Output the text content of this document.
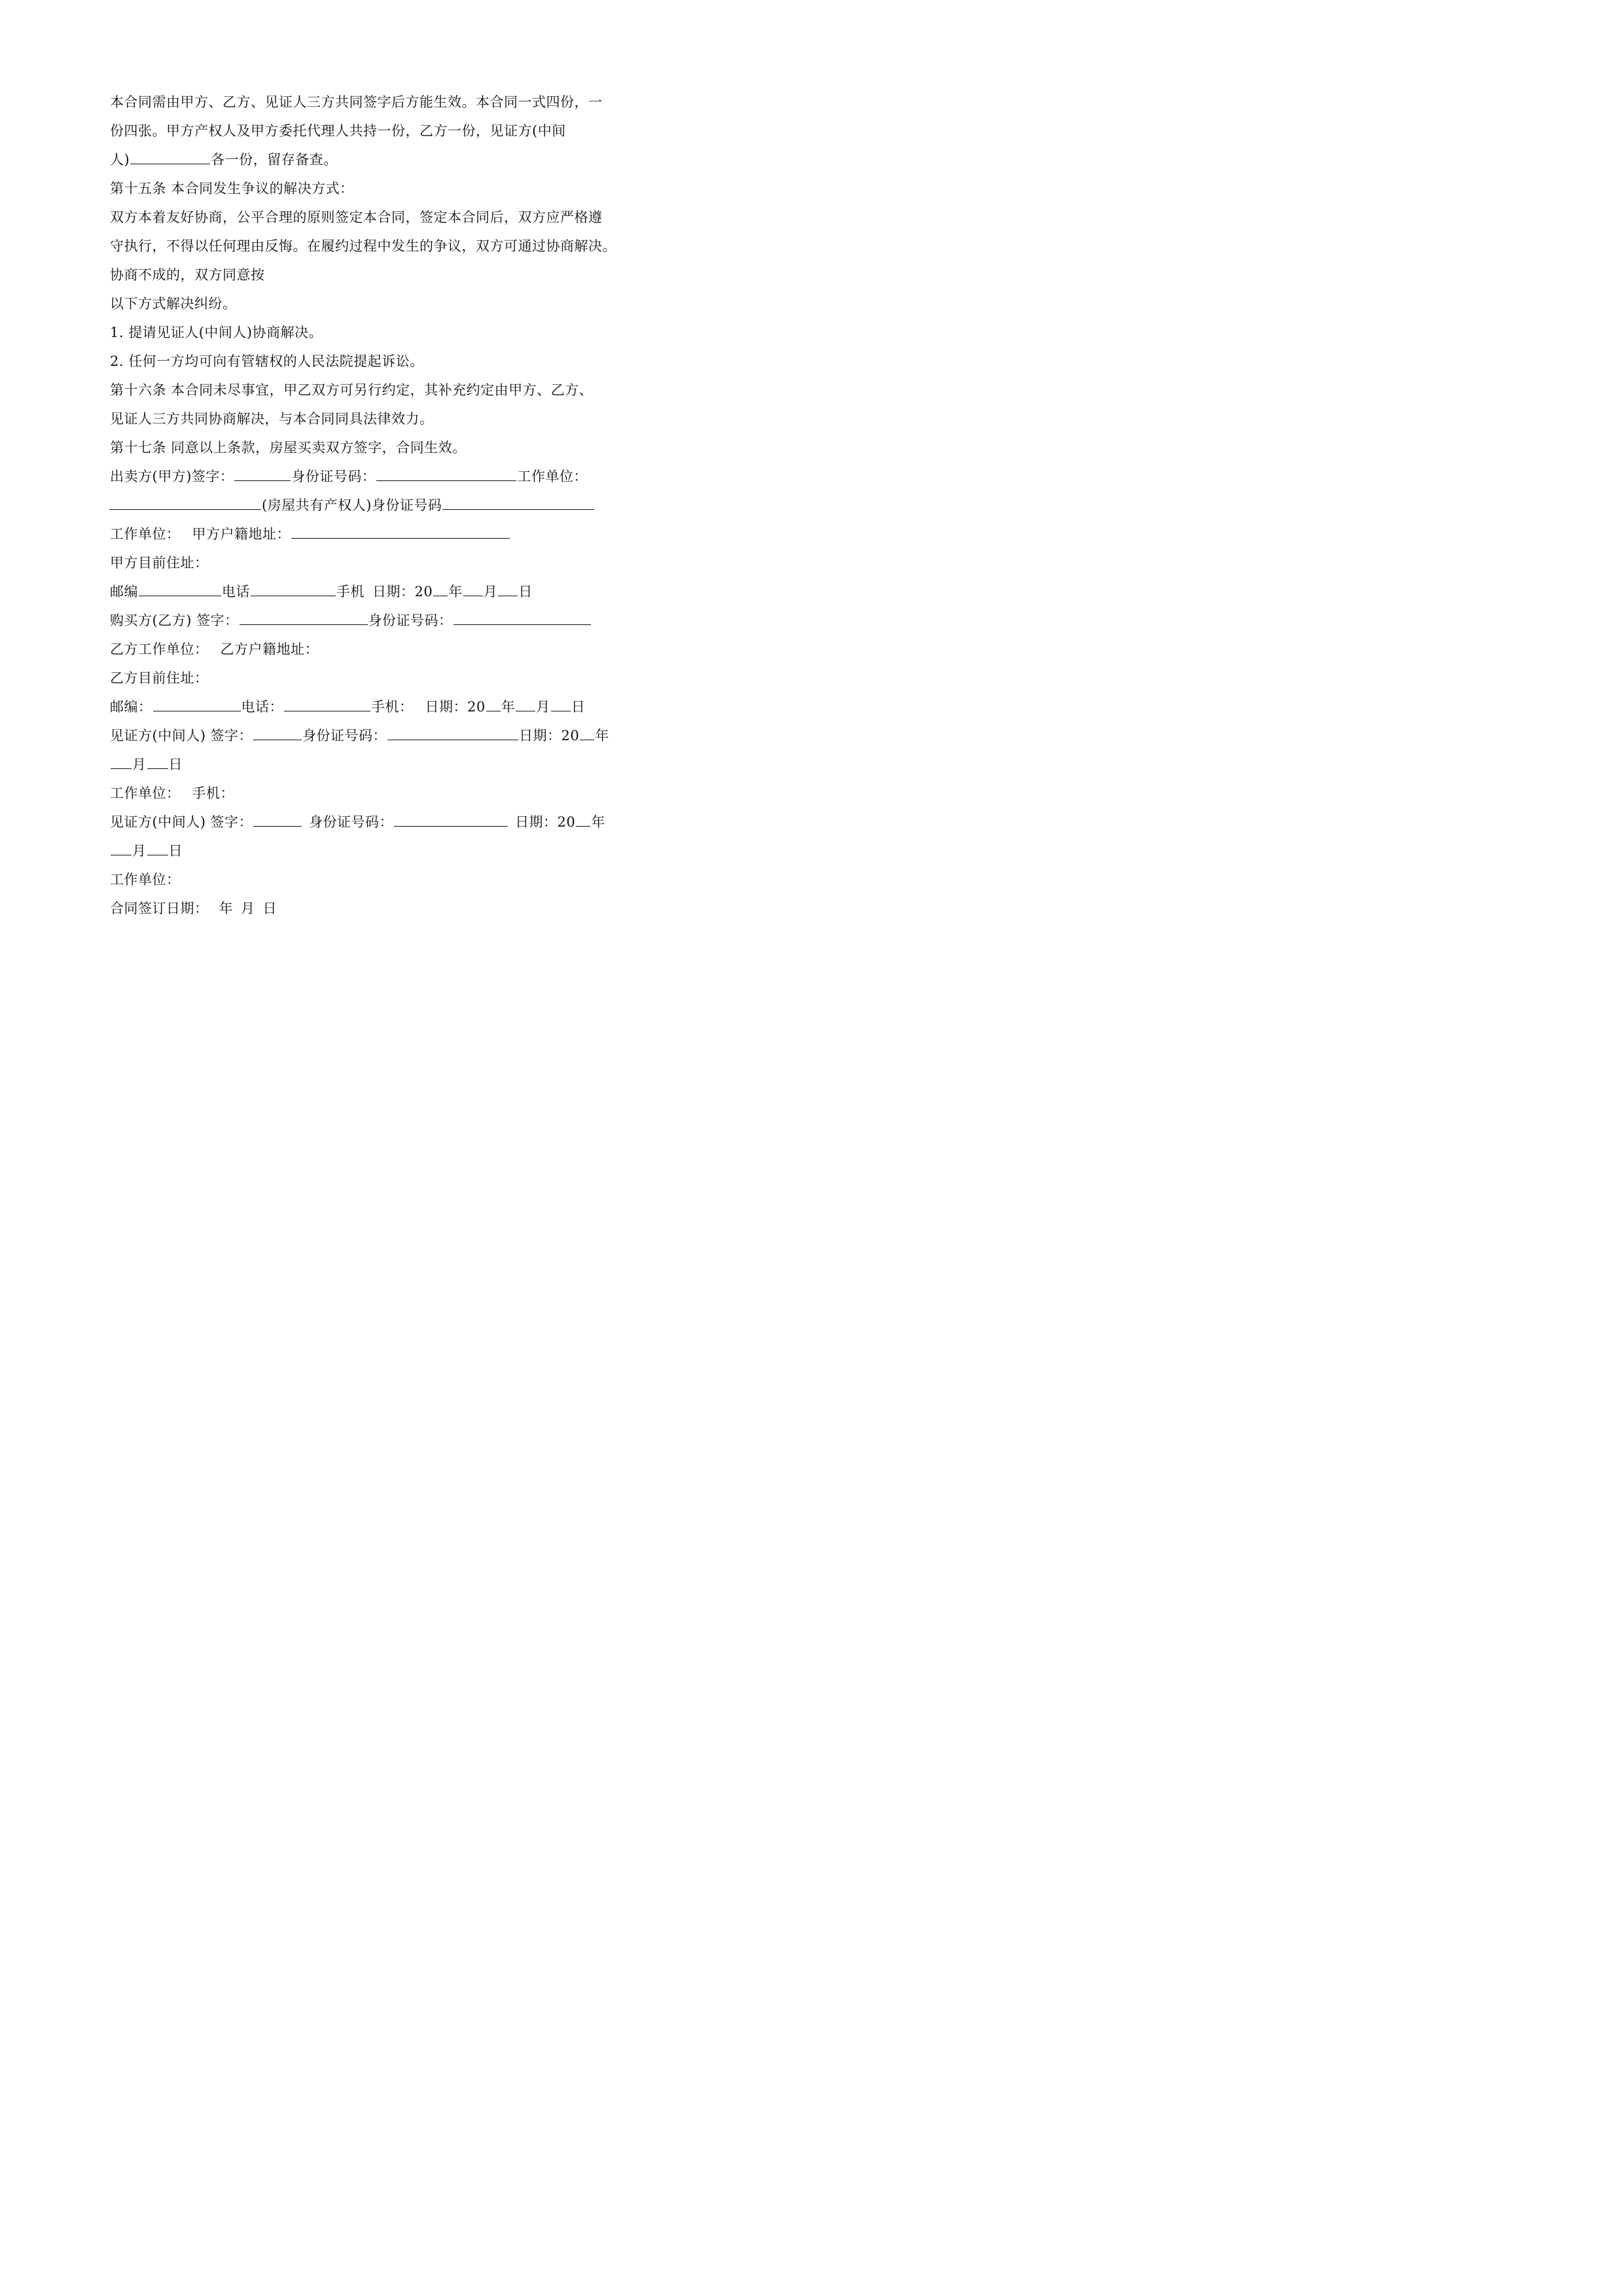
本合同需由甲方、乙方、见证人三方共同签字后方能生效。本合同一式四份，一
份四张。甲方产权人及甲方委托代理人共持一份，乙方一份，见证方(中间
人)	各一份，留存备查。
第十五条 本合同发生争议的解决方式：
双方本着友好协商，公平合理的原则签定本合同，签定本合同后，双方应严格遵
守执行，不得以任何理由反悔。在履约过程中发生的争议，双方可通过协商解决。
协商不成的，双方同意按
以下方式解决纠纷。
1. 提请见证人(中间人)协商解决。
2. 任何一方均可向有管辖权的人民法院提起诉讼。
第十六条 本合同未尽事宜，甲乙双方可另行约定，其补充约定由甲方、乙方、
见证人三方共同协商解决，与本合同同具法律效力。
第十七条 同意以上条款，房屋买卖双方签字，合同生效。
出卖方(甲方)签字：	身份证号码：	工作单位：
(房屋共有产权人)身份证号码
工作单位： 甲方户籍地址：
甲方目前住址：
邮编	电话	手机 日期：20 年 月 日
购买方(乙方) 签字：	身份证号码：
乙方工作单位： 乙方户籍地址：
乙方目前住址：
邮编：	电话：	手机： 日期：20 年 月 日
见证方(中间人) 签字：	身份证号码：	日期：20 年
月 日
工作单位： 手机：
见证方(中间人) 签字：	身份证号码：	日期：20 年
月 日
工作单位：
合同签订日期： 年 月 日
